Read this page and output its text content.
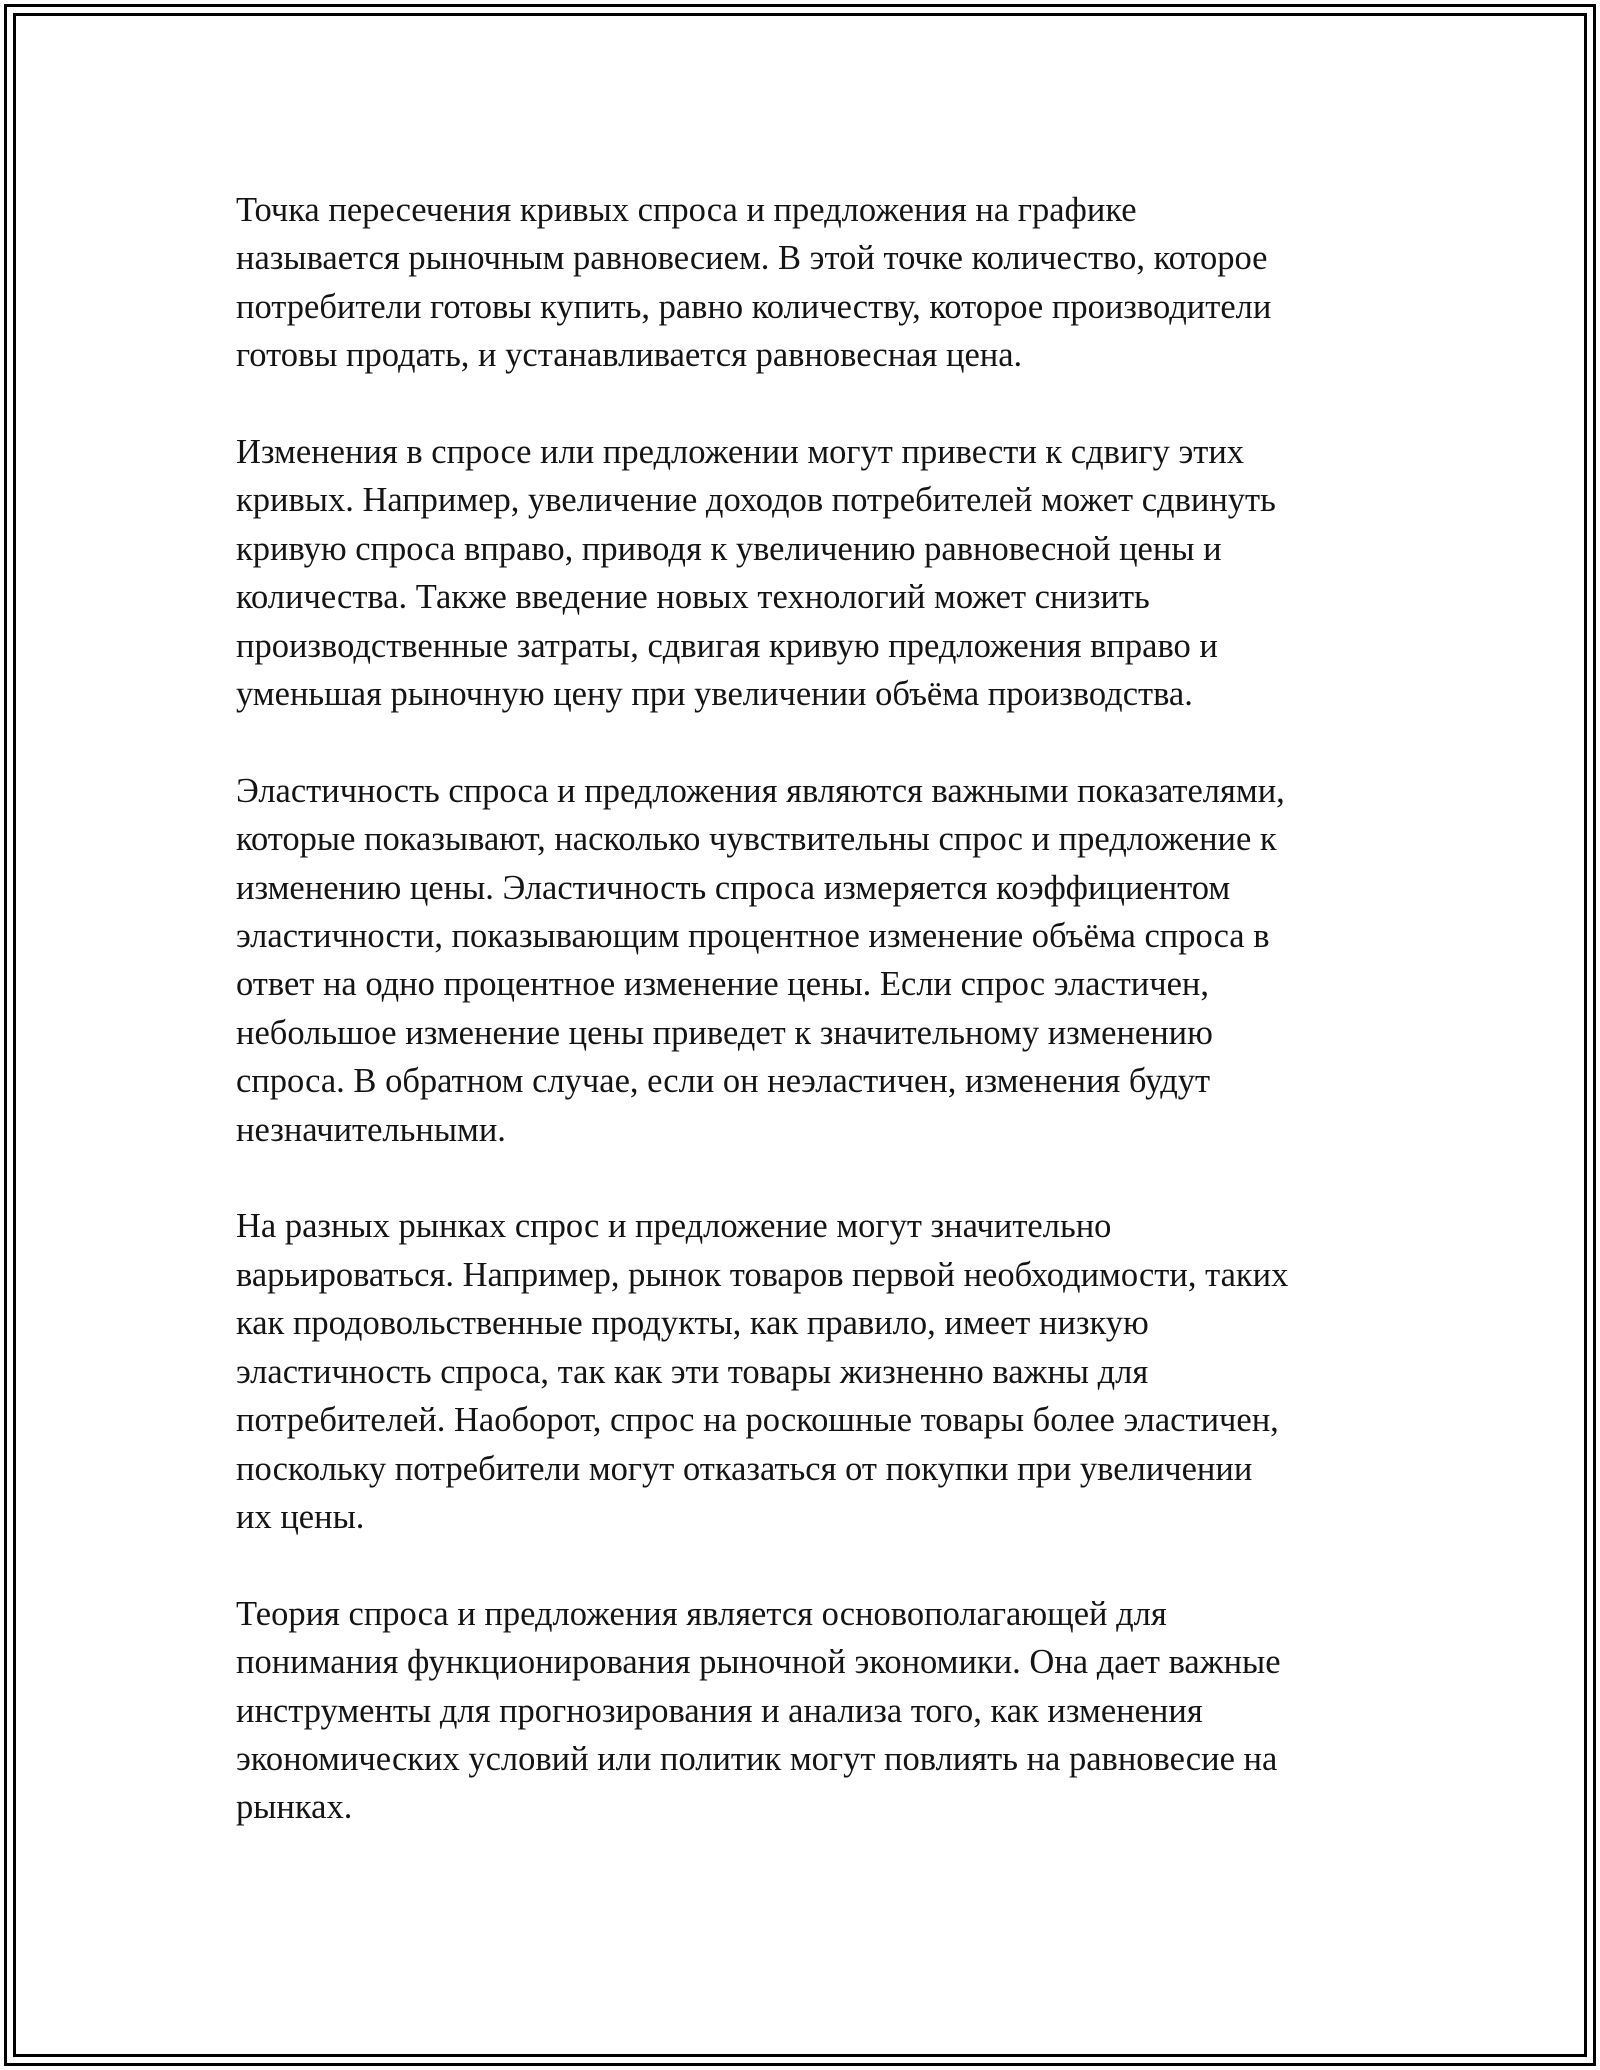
Точка пересечения кривых спроса и предложения на графике
называется рыночным равновесием. В этой точке количество, которое
потребители готовы купить, равно количеству, которое производители
готовы продать, и устанавливается равновесная цена.

Изменения в спросе или предложении могут привести к сдвигу этих
кривых. Например, увеличение доходов потребителей может сдвинуть
кривую спроса вправо, приводя к увеличению равновесной цены и
количества. Также введение новых технологий может снизить
производственные затраты, сдвигая кривую предложения вправо и
уменьшая рыночную цену при увеличении объёма производства.

Эластичность спроса и предложения являются важными показателями,
которые показывают, насколько чувствительны спрос и предложение к
изменению цены. Эластичность спроса измеряется коэффициентом
эластичности, показывающим процентное изменение объёма спроса в
ответ на одно процентное изменение цены. Если спрос эластичен,
небольшое изменение цены приведет к значительному изменению
спроса. В обратном случае, если он неэластичен, изменения будут
незначительными.

На разных рынках спрос и предложение могут значительно
варьироваться. Например, рынок товаров первой необходимости, таких
как продовольственные продукты, как правило, имеет низкую
эластичность спроса, так как эти товары жизненно важны для
потребителей. Наоборот, спрос на роскошные товары более эластичен,
поскольку потребители могут отказаться от покупки при увеличении
их цены.

Теория спроса и предложения является основополагающей для
понимания функционирования рыночной экономики. Она дает важные
инструменты для прогнозирования и анализа того, как изменения
экономических условий или политик могут повлиять на равновесие на
рынках.
